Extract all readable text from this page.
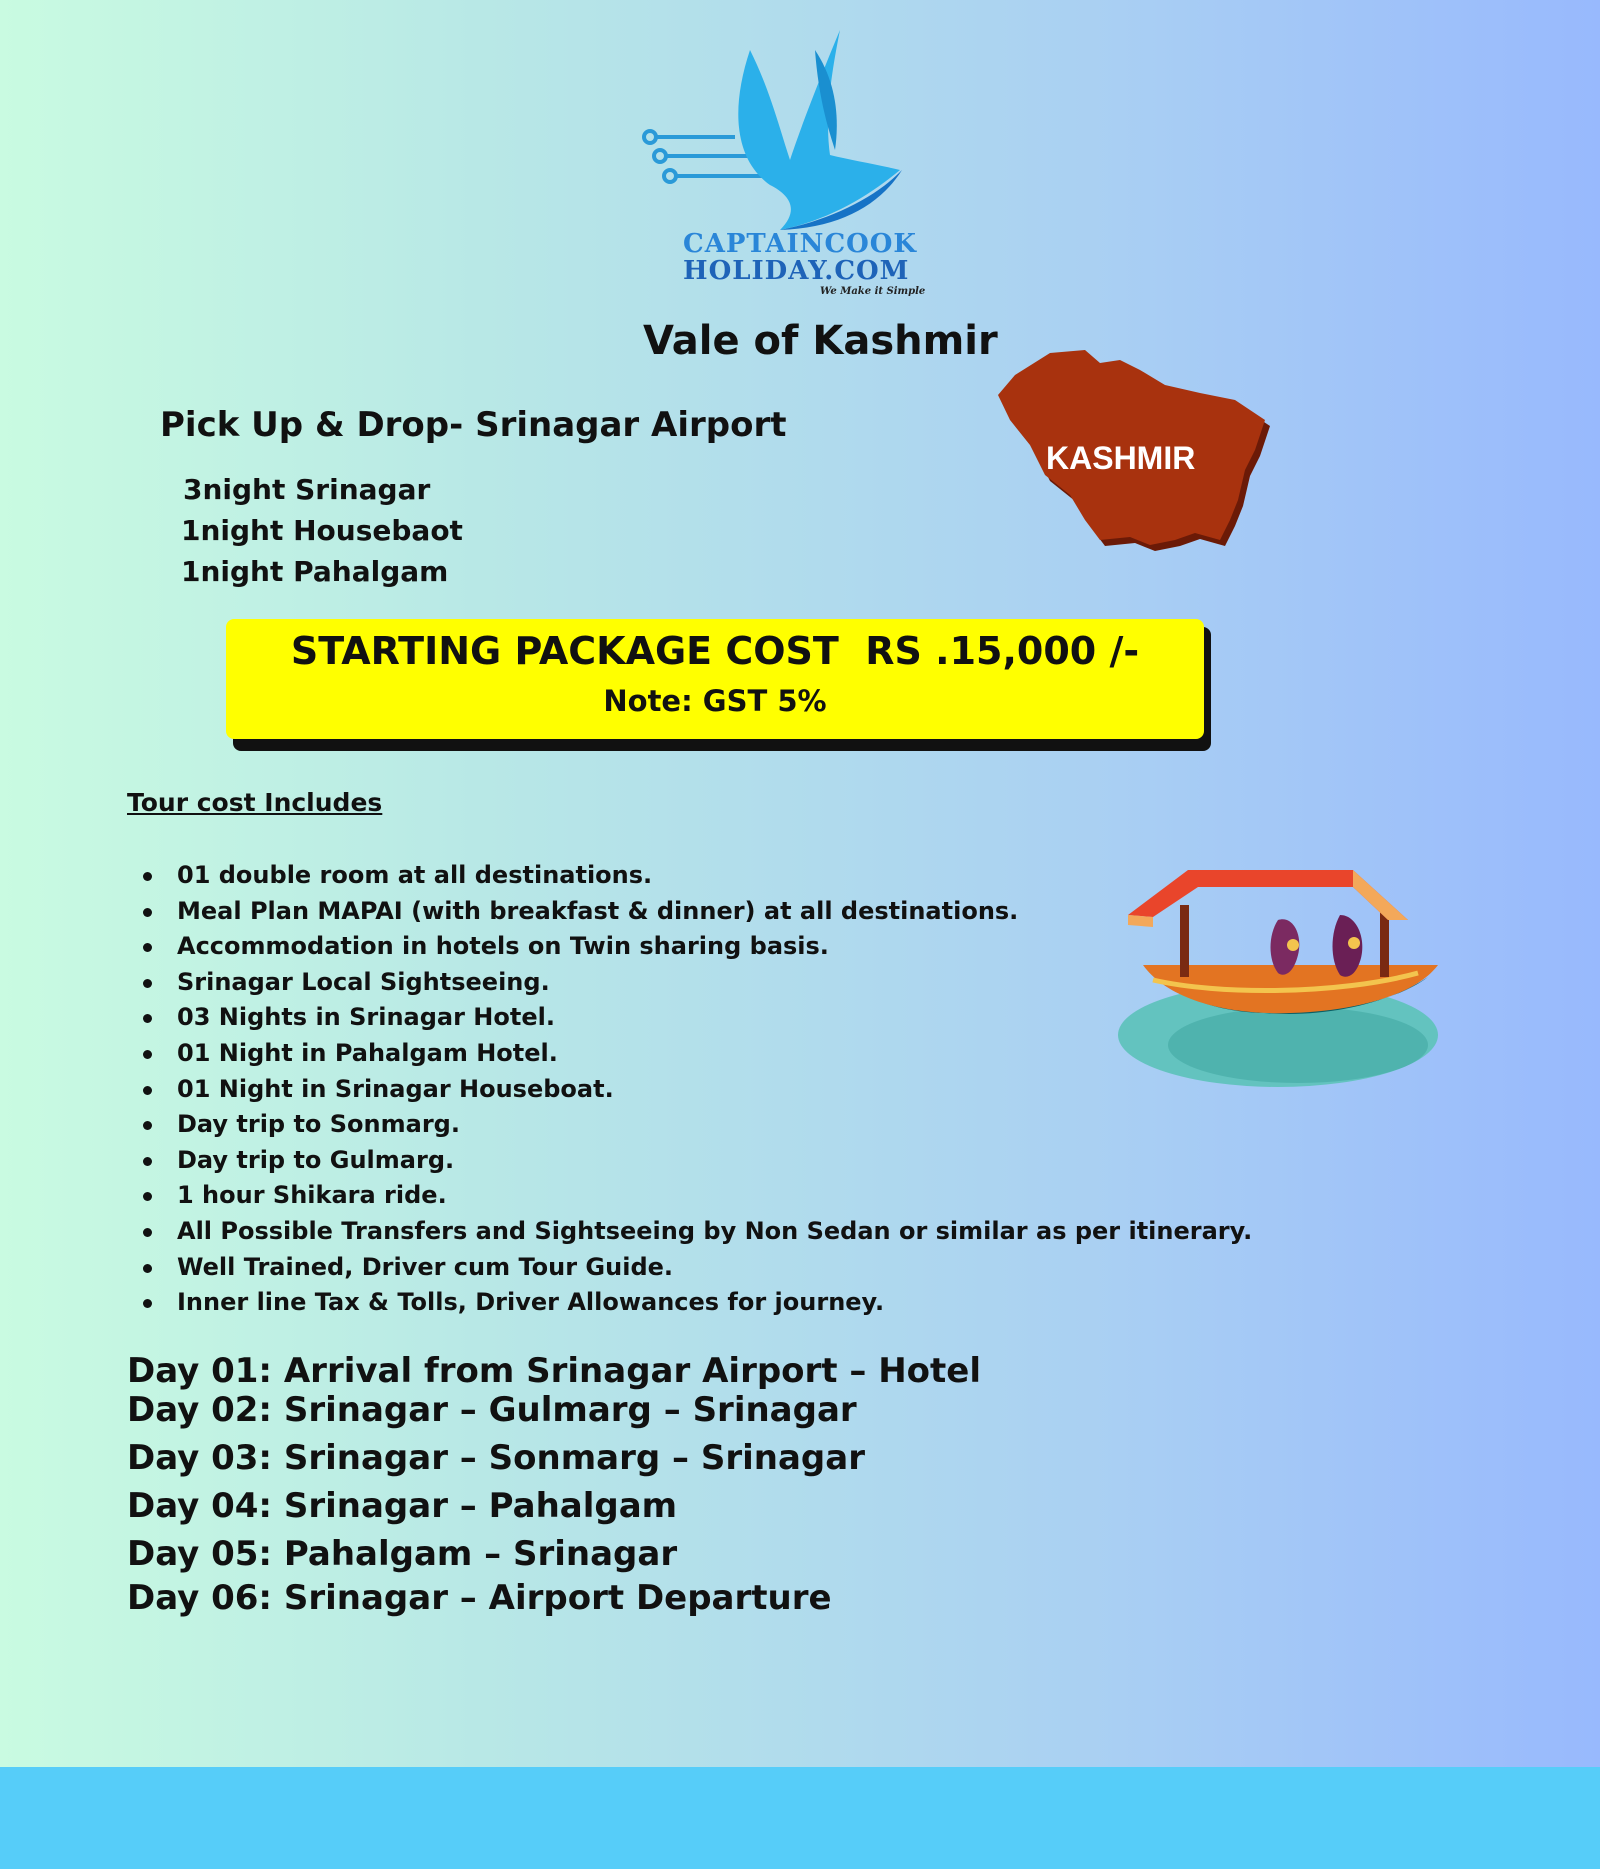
CAPTAINCOOK
HOLIDAY.COM
We Make it Simple
Vale of Kashmir
Pick Up & Drop- Srinagar Airport
3night Srinagar
1night Housebaot
1night Pahalgam
KASHMIR
STARTING PACKAGE COST  RS .15,000 /-
Note: GST 5%
Tour cost Includes
01 double room at all destinations.
Meal Plan MAPAI (with breakfast & dinner) at all destinations.
Accommodation in hotels on Twin sharing basis.
Srinagar Local Sightseeing.
03 Nights in Srinagar Hotel.
01 Night in Pahalgam Hotel.
01 Night in Srinagar Houseboat.
Day trip to Sonmarg.
Day trip to Gulmarg.
1 hour Shikara ride.
All Possible Transfers and Sightseeing by Non Sedan or similar as per itinerary.
Well Trained, Driver cum Tour Guide.
Inner line Tax & Tolls, Driver Allowances for journey.
Day 01: Arrival from Srinagar Airport – Hotel
Day 02: Srinagar – Gulmarg – Srinagar
Day 03: Srinagar – Sonmarg – Srinagar
Day 04: Srinagar – Pahalgam
Day 05: Pahalgam – Srinagar
Day 06: Srinagar – Airport Departure
